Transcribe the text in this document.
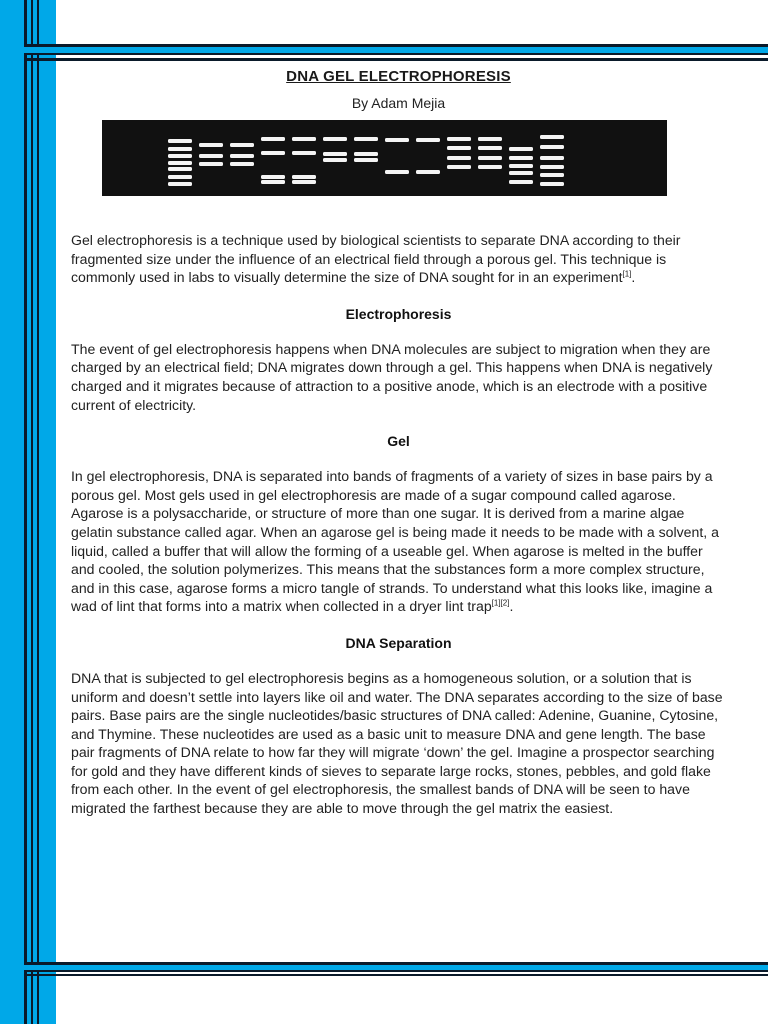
DNA GEL ELECTROPHORESIS
By Adam Mejia

Gel electrophoresis is a technique used by biological scientists to separate DNA according to their fragmented size under the influence of an electrical field through a porous gel. This technique is commonly used in labs to visually determine the size of DNA sought for in an experiment[1].

Electrophoresis

The event of gel electrophoresis happens when DNA molecules are subject to migration when they are charged by an electrical field; DNA migrates down through a gel. This happens when DNA is negatively charged and it migrates because of attraction to a positive anode, which is an electrode with a positive current of electricity.

Gel

In gel electrophoresis, DNA is separated into bands of fragments of a variety of sizes in base pairs by a porous gel. Most gels used in gel electrophoresis are made of a sugar compound called agarose. Agarose is a polysaccharide, or structure of more than one sugar. It is derived from a marine algae gelatin substance called agar. When an agarose gel is being made it needs to be made with a solvent, a liquid, called a buffer that will allow the forming of a useable gel. When agarose is melted in the buffer and cooled, the solution polymerizes. This means that the substances form a more complex structure, and in this case, agarose forms a micro tangle of strands. To understand what this looks like, imagine a wad of lint that forms into a matrix when collected in a dryer lint trap[1][2].

DNA Separation

DNA that is subjected to gel electrophoresis begins as a homogeneous solution, or a solution that is uniform and doesn’t settle into layers like oil and water. The DNA separates according to the size of base pairs. Base pairs are the single nucleotides/basic structures of DNA called: Adenine, Guanine, Cytosine, and Thymine. These nucleotides are used as a basic unit to measure DNA and gene length. The base pair fragments of DNA relate to how far they will migrate ‘down’ the gel. Imagine a prospector searching for gold and they have different kinds of sieves to separate large rocks, stones, pebbles, and gold flake from each other. In the event of gel electrophoresis, the smallest bands of DNA will be seen to have migrated the farthest because they are able to move through the gel matrix the easiest.
